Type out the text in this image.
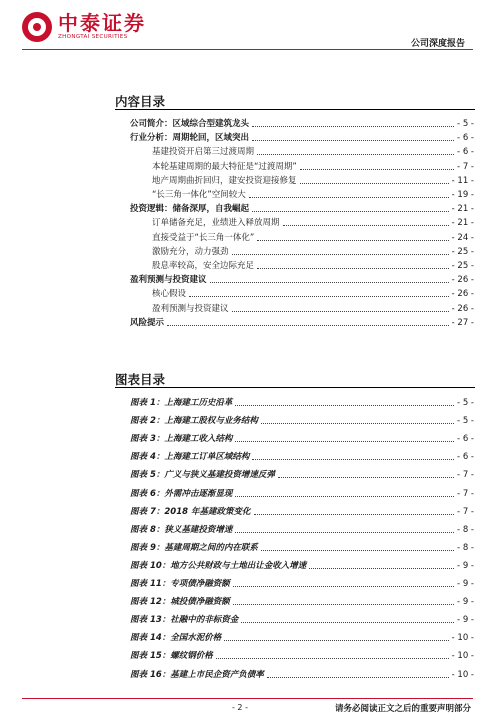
中泰证券
ZHONGTAI SECURITIES
公司深度报告
内容目录
公司简介：区域综合型建筑龙头	- 5 -
行业分析：周期轮回，区域突出	- 6 -
基建投资开启第三过渡周期	- 6 -
本轮基建周期的最大特征是“过渡周期”	- 7 -
地产周期曲折回归，建安投资迎接修复	- 11 -
“长三角一体化”空间较大	- 19 -
投资逻辑：储备深厚，自我崛起	- 21 -
订单储备充足，业绩进入释放周期	- 21 -
直接受益于“长三角一体化”	- 24 -
激励充分，动力强劲	- 25 -
股息率较高，安全边际充足	- 25 -
盈利预测与投资建议	- 26 -
核心假设	- 26 -
盈利预测与投资建议	- 26 -
风险提示	- 27 -
图表目录
图表 1：上海建工历史沿革	- 5 -
图表 2：上海建工股权与业务结构	- 5 -
图表 3：上海建工收入结构	- 6 -
图表 4：上海建工订单区域结构	- 6 -
图表 5：广义与狭义基建投资增速反弹	- 7 -
图表 6：外需冲击逐渐显现	- 7 -
图表 7：2018 年基建政策变化	- 7 -
图表 8：狭义基建投资增速	- 8 -
图表 9：基建周期之间的内在联系	- 8 -
图表 10：地方公共财政与土地出让金收入增速	- 9 -
图表 11：专项债净融资额	- 9 -
图表 12：城投债净融资额	- 9 -
图表 13：社融中的非标资金	- 9 -
图表 14：全国水泥价格	- 10 -
图表 15：螺纹钢价格	- 10 -
图表 16：基建上市民企资产负债率	- 10 -
- 2 -	请务必阅读正文之后的重要声明部分
